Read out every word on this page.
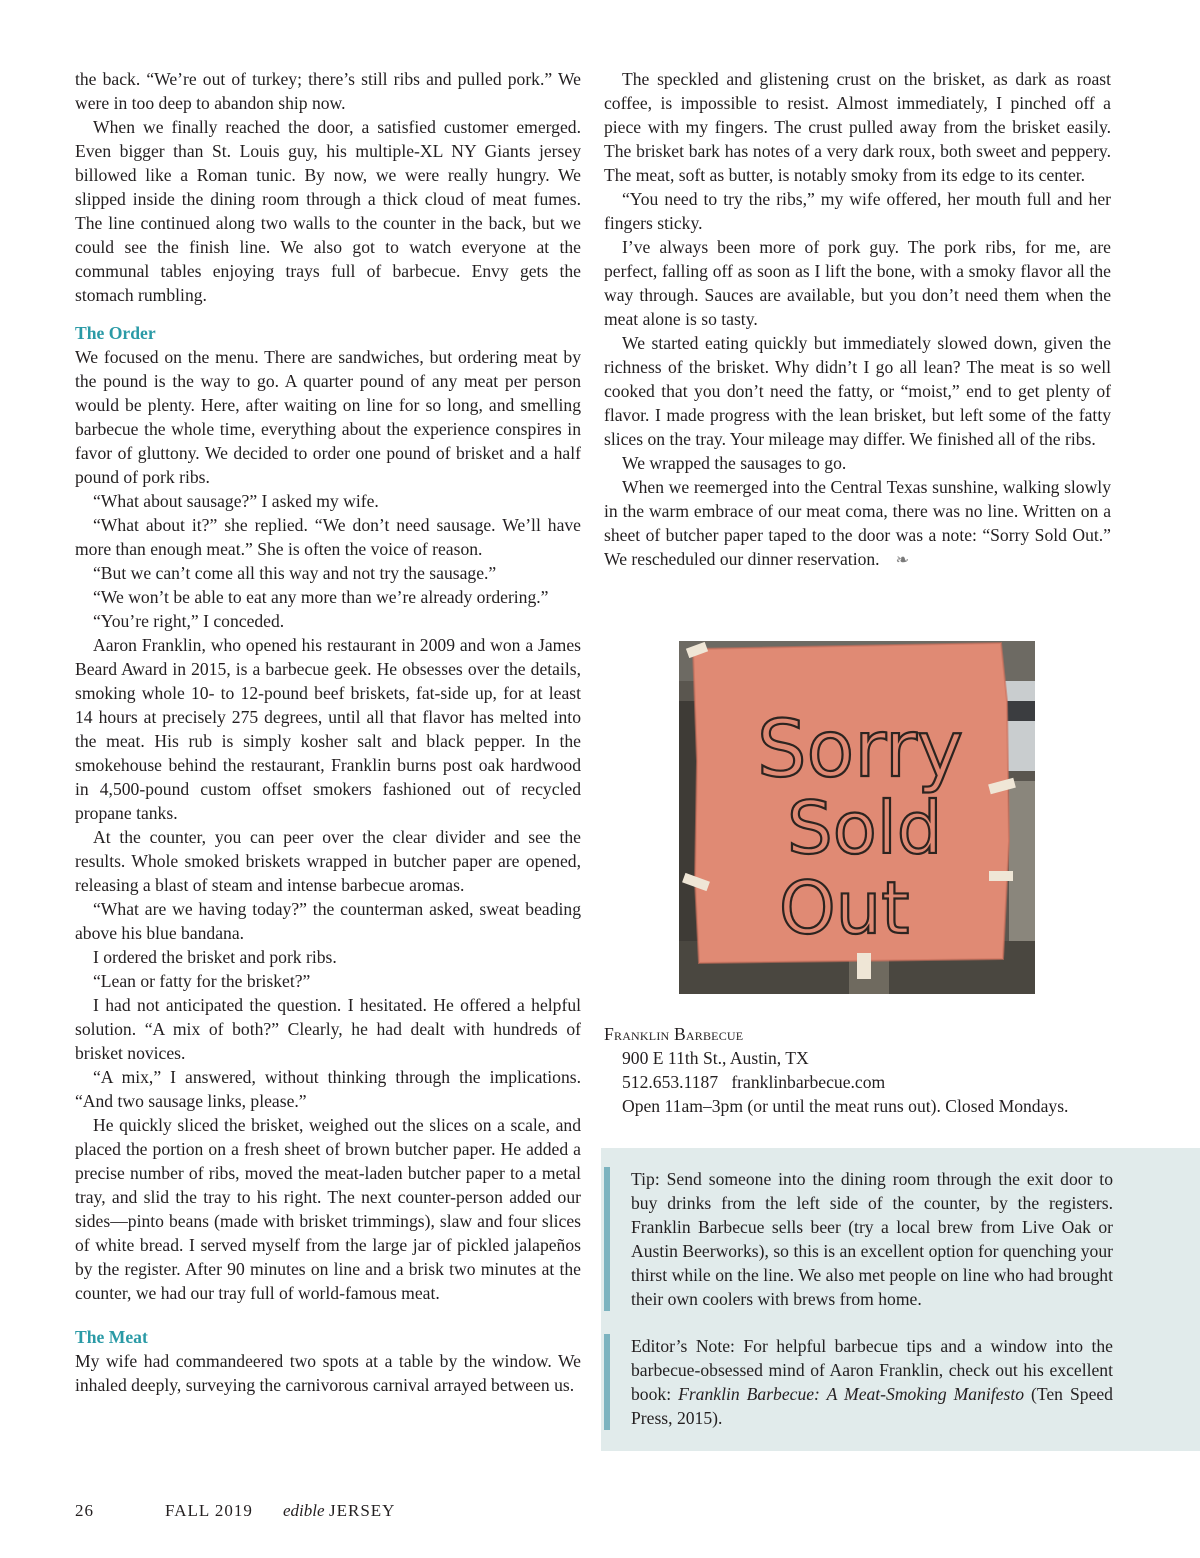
the back. “We’re out of turkey; there’s still ribs and pulled pork.” We were in too deep to abandon ship now.

When we finally reached the door, a satisfied customer emerged. Even bigger than St. Louis guy, his multiple-XL NY Giants jersey billowed like a Roman tunic. By now, we were really hungry. We slipped inside the dining room through a thick cloud of meat fumes. The line continued along two walls to the counter in the back, but we could see the finish line. We also got to watch everyone at the communal tables enjoying trays full of barbecue. Envy gets the stomach rumbling.

The Order

We focused on the menu. There are sandwiches, but ordering meat by the pound is the way to go. A quarter pound of any meat per person would be plenty. Here, after waiting on line for so long, and smelling barbecue the whole time, everything about the experience conspires in favor of gluttony. We decided to order one pound of brisket and a half pound of pork ribs.

“What about sausage?” I asked my wife.

“What about it?” she replied. “We don’t need sausage. We’ll have more than enough meat.” She is often the voice of reason.

“But we can’t come all this way and not try the sausage.”

“We won’t be able to eat any more than we’re already ordering.”

“You’re right,” I conceded.

Aaron Franklin, who opened his restaurant in 2009 and won a James Beard Award in 2015, is a barbecue geek. He obsesses over the details, smoking whole 10- to 12-pound beef briskets, fat-side up, for at least 14 hours at precisely 275 degrees, until all that flavor has melted into the meat. His rub is simply kosher salt and black pepper. In the smokehouse behind the restaurant, Franklin burns post oak hardwood in 4,500-pound custom offset smokers fashioned out of recycled propane tanks.

At the counter, you can peer over the clear divider and see the results. Whole smoked briskets wrapped in butcher paper are opened, releasing a blast of steam and intense barbecue aromas.

“What are we having today?” the counterman asked, sweat beading above his blue bandana.

I ordered the brisket and pork ribs.

“Lean or fatty for the brisket?”

I had not anticipated the question. I hesitated. He offered a helpful solution. “A mix of both?” Clearly, he had dealt with hundreds of brisket novices.

“A mix,” I answered, without thinking through the implications. “And two sausage links, please.”

He quickly sliced the brisket, weighed out the slices on a scale, and placed the portion on a fresh sheet of brown butcher paper. He added a precise number of ribs, moved the meat-laden butcher paper to a metal tray, and slid the tray to his right. The next counter-person added our sides—pinto beans (made with brisket trimmings), slaw and four slices of white bread. I served myself from the large jar of pickled jalapeños by the register. After 90 minutes on line and a brisk two minutes at the counter, we had our tray full of world-famous meat.

The Meat

My wife had commandeered two spots at a table by the window. We inhaled deeply, surveying the carnivorous carnival arrayed between us.

The speckled and glistening crust on the brisket, as dark as roast coffee, is impossible to resist. Almost immediately, I pinched off a piece with my fingers. The crust pulled away from the brisket easily. The brisket bark has notes of a very dark roux, both sweet and peppery. The meat, soft as butter, is notably smoky from its edge to its center.

“You need to try the ribs,” my wife offered, her mouth full and her fingers sticky.

I’ve always been more of pork guy. The pork ribs, for me, are perfect, falling off as soon as I lift the bone, with a smoky flavor all the way through. Sauces are available, but you don’t need them when the meat alone is so tasty.

We started eating quickly but immediately slowed down, given the richness of the brisket. Why didn’t I go all lean? The meat is so well cooked that you don’t need the fatty, or “moist,” end to get plenty of flavor. I made progress with the lean brisket, but left some of the fatty slices on the tray. Your mileage may differ. We finished all of the ribs.

We wrapped the sausages to go.

When we reemerged into the Central Texas sunshine, walking slowly in the warm embrace of our meat coma, there was no line. Written on a sheet of butcher paper taped to the door was a note: “Sorry Sold Out.” We rescheduled our dinner reservation. ❧

Sorry
Sold
Out
Franklin Barbecue
900 E 11th St., Austin, TX
512.653.1187 franklinbarbecue.com
Open 11am–3pm (or until the meat runs out). Closed Mondays.
Tip: Send someone into the dining room through the exit door to buy drinks from the left side of the counter, by the registers. Franklin Barbecue sells beer (try a local brew from Live Oak or Austin Beerworks), so this is an excellent option for quenching your thirst while on the line. We also met people on line who had brought their own coolers with brews from home.
Editor’s Note: For helpful barbecue tips and a window into the barbecue-obsessed mind of Aaron Franklin, check out his excellent book: Franklin Barbecue: A Meat-Smoking Manifesto (Ten Speed Press, 2015).
26	FALL 2019 edible JERSEY
